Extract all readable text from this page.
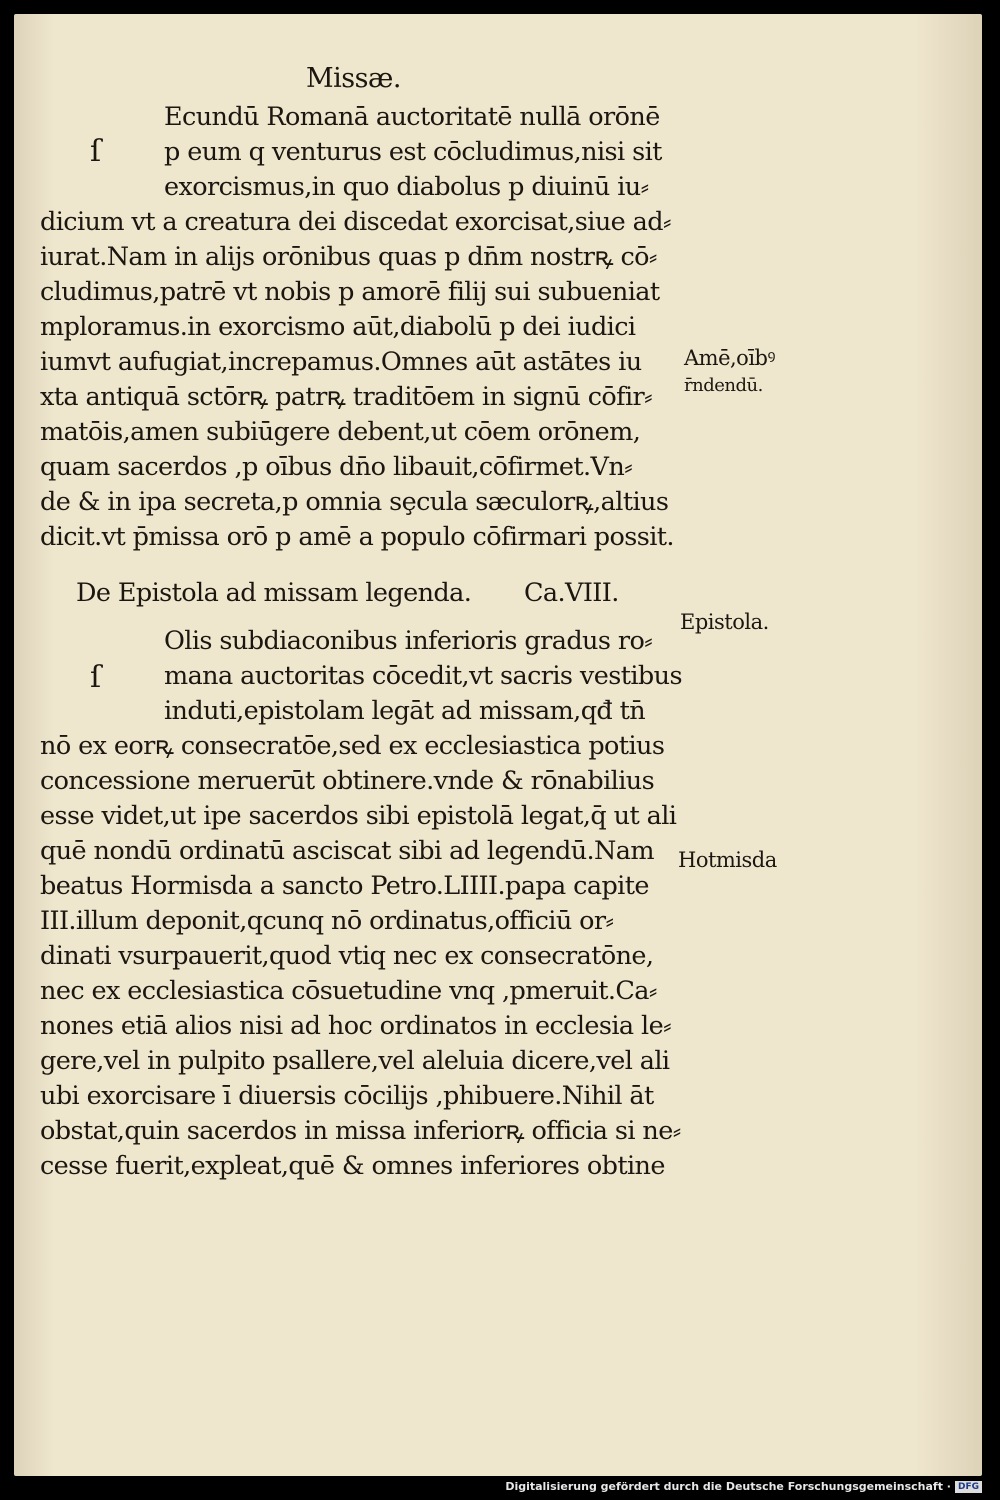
Missæ.
ſ
Ecundū Romanā auctoritatē nullā orōnē
p eum q venturus est cōcludimus,nisi sit
exorcismus,in quo diabolus p diuinū iu⸗
dicium vt a creatura dei discedat exorcisat,siue ad⸗
iurat.Nam in alijs orōnibus quas p dn̄m nostrꝶ cō⸗
cludimus,patrē vt nobis p amorē filij sui subueniat
mploramus.in exorcismo aūt,diabolū p dei iudici
iumvt aufugiat,increpamus.Omnes aūt astātes iu
xta antiquā sctōrꝶ patrꝶ traditōem in signū cōfir⸗
matōis,amen subiūgere debent,ut cōem orōnem,
quam sacerdos ,p oībus dn̄o libauit,cōfirmet.Vn⸗
de & in ipa secreta,p omnia sȩcula sæculorꝶ,altius
dicit.vt p̄missa orō p amē a populo cōfirmari possit.
De Epistola ad missam legenda. Ca.VIII.
ſ
Olis subdiaconibus inferioris gradus ro⸗
mana auctoritas cōcedit,vt sacris vestibus
induti,epistolam legāt ad missam,qđ tn̄
nō ex eorꝶ consecratōe,sed ex ecclesiastica potius
concessione meruerūt obtinere.vnde & rōnabilius
esse videt,ut ipe sacerdos sibi epistolā legat,q̄ ut ali
quē nondū ordinatū ascisсat sibi ad legendū.Nam
beatus Hormisda a sancto Petro.LIIII.papa capite
III.illum deponit,qcunq nō ordinatus,officiū or⸗
dinati vsurpauerit,quod vtiq nec ex consecratōne,
nec ex ecclesiastica cōsuetudine vnq ,pmeruit.Ca⸗
nones etiā alios nisi ad hoc ordinatos in ecclesia le⸗
gere,vel in pulpito psallere,vel aleluia dicere,vel ali
ubi exorcisare ī diuersis cōcilijs ,phibuere.Nihil āt
obstat,quin sacerdos in missa inferiorꝶ officia si ne⸗
cesse fuerit,expleat,quē & omnes inferiores obtine
Amē,oībꝰ
r̄ndendū.
Epistola.
Hotmisda
Digitalisierung gefördert durch die Deutsche Forschungsgemeinschaft · DFG
